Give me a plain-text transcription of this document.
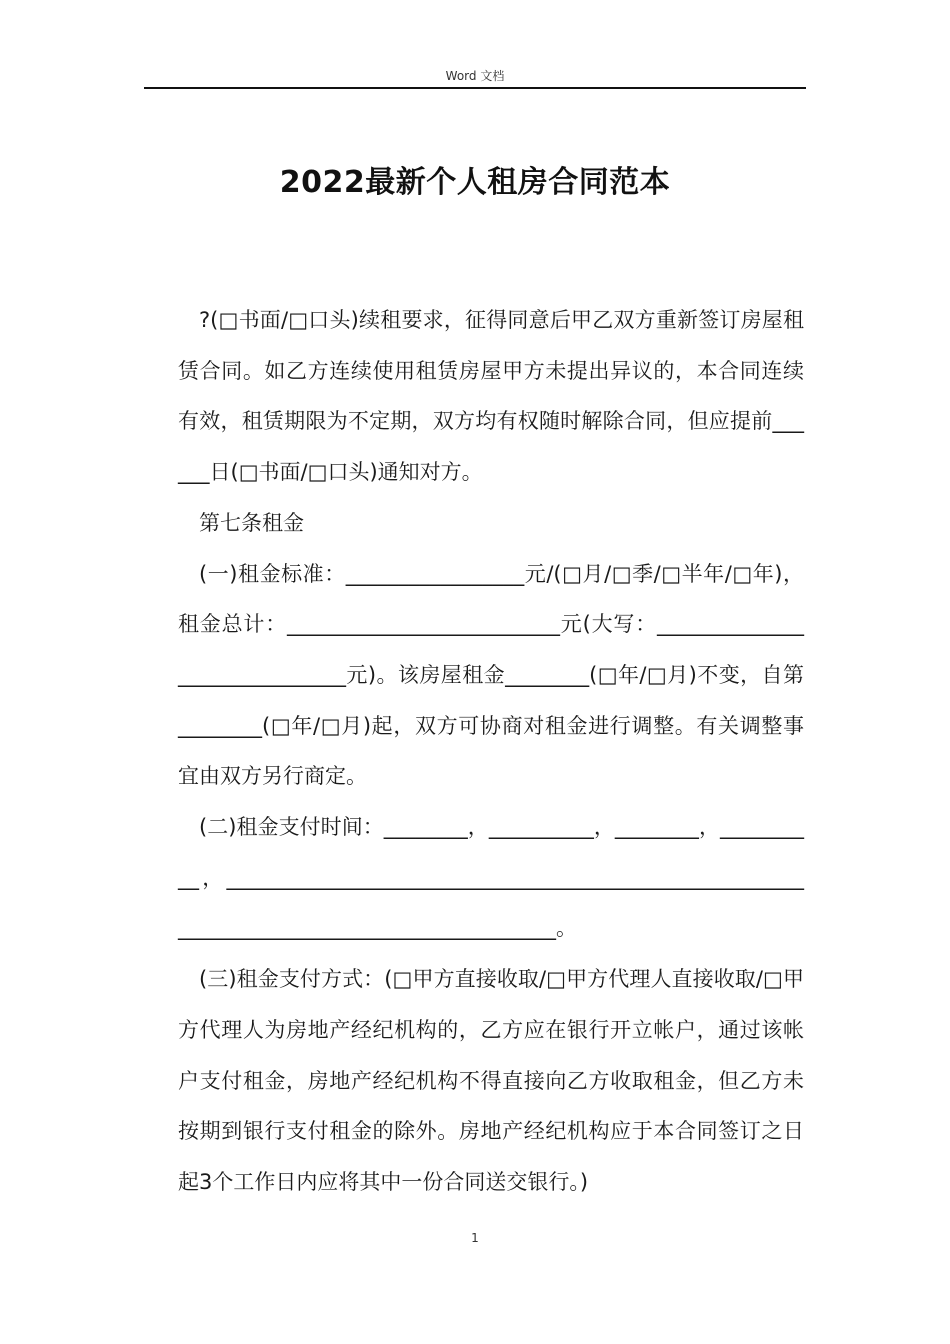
Word 文档
2022最新个人租房合同范本

?(□书面/□口头)续租要求，征得同意后甲乙双方重新签订房屋租赁合同。如乙方连续使用租赁房屋甲方未提出异议的，本合同连续有效，租赁期限为不定期，双方均有权随时解除合同，但应提前______日(□书面/□口头)通知对方。

第七条租金

(一)租金标准：_________________元/(□月/□季/□半年/□年)，租金总计：__________________________元(大写：______________________________元)。该房屋租金________(□年/□月)不变，自第________(□年/□月)起，双方可协商对租金进行调整。有关调整事宜由双方另行商定。

(二)租金支付时间：________，__________，________，__________，___________________________________________________________________________________________。

(三)租金支付方式：(□甲方直接收取/□甲方代理人直接收取/□甲方代理人为房地产经纪机构的，乙方应在银行开立帐户，通过该帐户支付租金，房地产经纪机构不得直接向乙方收取租金，但乙方未按期到银行支付租金的除外。房地产经纪机构应于本合同签订之日起3个工作日内应将其中一份合同送交银行。)

1
